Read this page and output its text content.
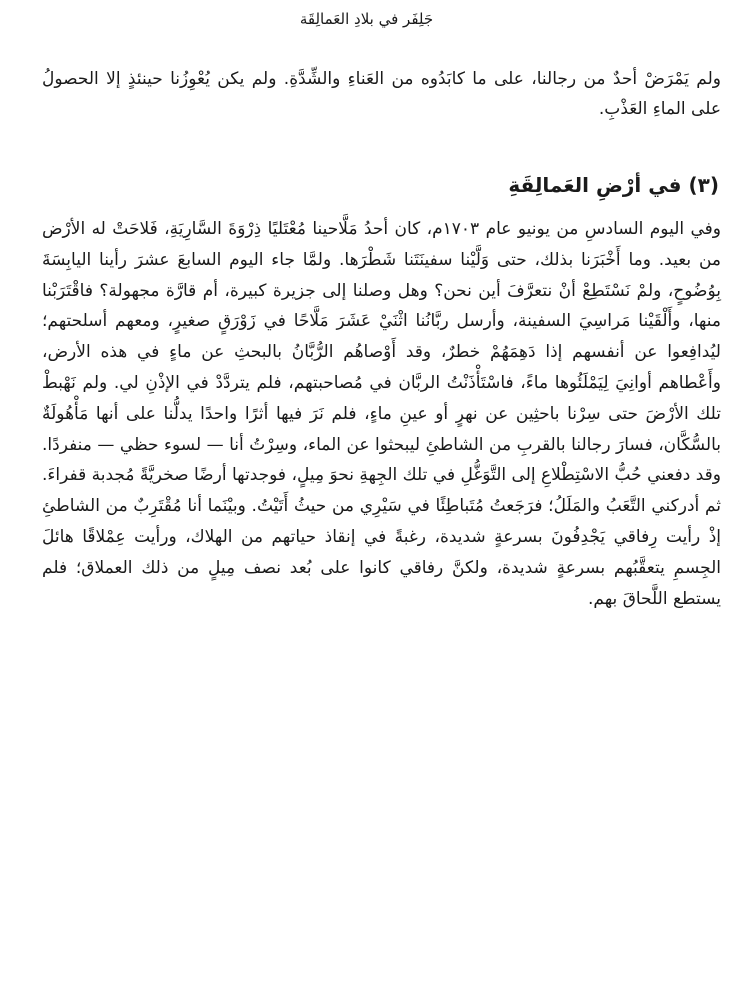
جَلِفَر في بلادِ العَمالِقَة

ولم يَمْرَضْ أحدٌ من رجالنا، على ما كابَدُوه من العَناءِ والشِّدَّةِ. ولم يكن يُعْوِزُنا حينئذٍ إلا الحصولُ على الماءِ العَذْبِ.

(٣) في أرْضِ العَمالِقَةِ

وفي اليوم السادسِ من يونيو عام ١٧٠٣م، كان أحدُ مَلَّاحينا مُعْتَليًا ذِرْوَةَ السَّارِيَةِ، فَلاحَتْ له الأرْض من بعيد. وما أَخْبَرَنا بذلك، حتى وَلَّيْنا سفينَتَنا شَطْرَها. ولمَّا جاء اليوم السابعَ عشرَ رأينا اليابِسَةَ بِوُضُوحٍ، ولمْ نَسْتَطِعْ أنْ نتعرَّفَ أين نحن؟ وهل وصلنا إلى جزيرة كبيرة، أم قارَّة مجهولة؟ فاقْتَرَبْنا منها، وأَلْقَيْنا مَراسِيَ السفينة، وأرسل ربَّانُنا اثْنَيْ عَشَرَ مَلَّاحًا في زَوْرَقٍ صغيرٍ، ومعهم أسلحتهم؛ ليُدافِعوا عن أنفسهم إذا دَهِمَهُمْ خطرٌ، وقد أَوْصاهُم الرُّبَّانُ بالبحثِ عن ماءٍ في هذه الأرض، وأَعْطاهم أوانِيَ لِيَمْلَئُوها ماءً، فاسْتَأْذَنْتُ الربَّان في مُصاحبتهم، فلم يتردَّدْ في الإذْنِ لي. ولم نَهْبطْ تلك الأرْضَ حتى سِرْنا باحثِين عن نهرٍ أو عينِ ماءٍ، فلم نَرَ فيها أثرًا واحدًا يدلُّنا على أنها مَأْهُولَةٌ بالسُّكَّان، فسارَ رجالنا بالقربِ من الشاطئِ ليبحثوا عن الماء، وسِرْتُ أنا — لسوء حظي — منفردًا. وقد دفعني حُبُّ الاسْتِطْلاعِ إلى التَّوَغُّلِ في تلك الجِهةِ نحوَ مِيلٍ، فوجدتها أرضًا صخريَّةً مُجدبة قفراءَ. ثم أدركني التَّعَبُ والمَلَلُ؛ فرَجَعتُ مُتَباطِئًا في سَيْرِي من حيثُ أَتَيْتُ. وبيْنَما أنا مُقْتَرِبٌ من الشاطئِ إذْ رأيت رِفاقي يَجْدِفُونَ بسرعةٍ شديدة، رغبةً في إنقاذ حياتهم من الهلاك، ورأيت عِمْلاقًا هائلَ الجِسمِ يتعقَّبُهم بسرعةٍ شديدة، ولكنَّ رفاقي كانوا على بُعد نصف مِيلٍ من ذلك العملاق؛ فلم يستطع اللَّحاقَ بهم.
